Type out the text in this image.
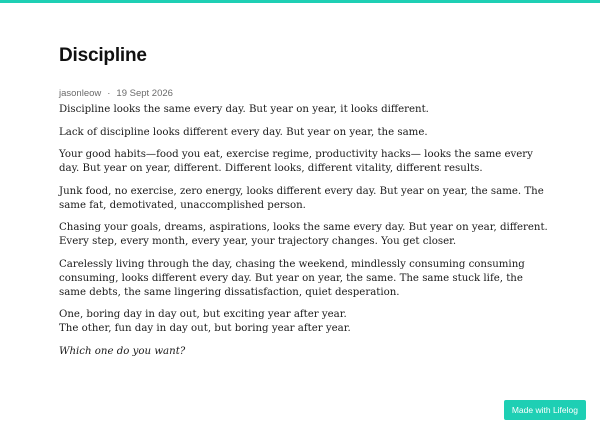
Discipline
jasonleow · 19 Sept 2026

Discipline looks the same every day. But year on year, it looks different.

Lack of discipline looks different every day. But year on year, the same.

Your good habits—food you eat, exercise regime, productivity hacks— looks the same every day. But year on year, different. Different looks, different vitality, different results.

Junk food, no exercise, zero energy, looks different every day. But year on year, the same. The same fat, demotivated, unaccomplished person.

Chasing your goals, dreams, aspirations, looks the same every day. But year on year, different. Every step, every month, every year, your trajectory changes. You get closer.

Carelessly living through the day, chasing the weekend, mindlessly consuming consuming consuming, looks different every day. But year on year, the same. The same stuck life, the same debts, the same lingering dissatisfaction, quiet desperation.

One, boring day in day out, but exciting year after year.
The other, fun day in day out, but boring year after year.

Which one do you want?

Made with Lifelog
